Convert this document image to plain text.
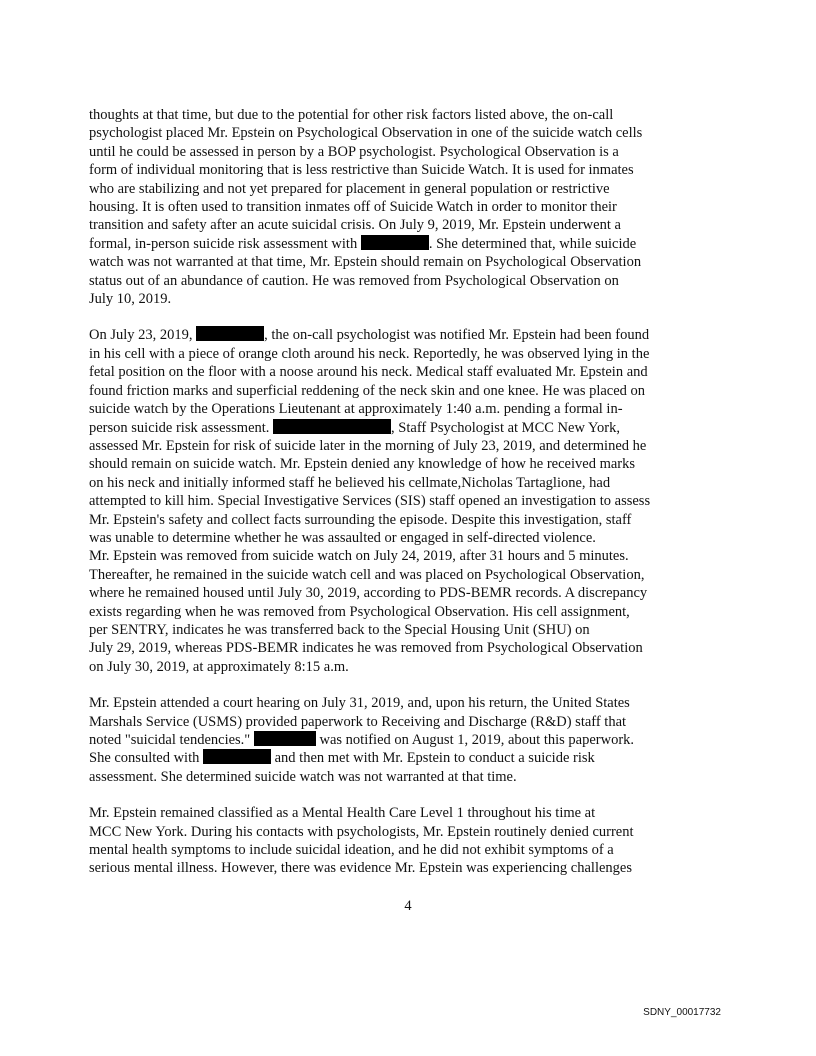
thoughts at that time, but due to the potential for other risk factors listed above, the on-call
psychologist placed Mr. Epstein on Psychological Observation in one of the suicide watch cells
until he could be assessed in person by a BOP psychologist. Psychological Observation is a
form of individual monitoring that is less restrictive than Suicide Watch. It is used for inmates
who are stabilizing and not yet prepared for placement in general population or restrictive
housing. It is often used to transition inmates off of Suicide Watch in order to monitor their
transition and safety after an acute suicidal crisis. On July 9, 2019, Mr. Epstein underwent a
formal, in-person suicide risk assessment with	. She determined that, while suicide
watch was not warranted at that time, Mr. Epstein should remain on Psychological Observation
status out of an abundance of caution. He was removed from Psychological Observation on
July 10, 2019.

On July 23, 2019,	, the on-call psychologist was notified Mr. Epstein had been found
in his cell with a piece of orange cloth around his neck. Reportedly, he was observed lying in the
fetal position on the floor with a noose around his neck. Medical staff evaluated Mr. Epstein and
found friction marks and superficial reddening of the neck skin and one knee. He was placed on
suicide watch by the Operations Lieutenant at approximately 1:40 a.m. pending a formal in-
person suicide risk assessment.	, Staff Psychologist at MCC New York,
assessed Mr. Epstein for risk of suicide later in the morning of July 23, 2019, and determined he
should remain on suicide watch. Mr. Epstein denied any knowledge of how he received marks
on his neck and initially informed staff he believed his cellmate,Nicholas Tartaglione, had
attempted to kill him. Special Investigative Services (SIS) staff opened an investigation to assess
Mr. Epstein's safety and collect facts surrounding the episode. Despite this investigation, staff
was unable to determine whether he was assaulted or engaged in self-directed violence.
Mr. Epstein was removed from suicide watch on July 24, 2019, after 31 hours and 5 minutes.
Thereafter, he remained in the suicide watch cell and was placed on Psychological Observation,
where he remained housed until July 30, 2019, according to PDS-BEMR records. A discrepancy
exists regarding when he was removed from Psychological Observation. His cell assignment,
per SENTRY, indicates he was transferred back to the Special Housing Unit (SHU) on
July 29, 2019, whereas PDS-BEMR indicates he was removed from Psychological Observation
on July 30, 2019, at approximately 8:15 a.m.

Mr. Epstein attended a court hearing on July 31, 2019, and, upon his return, the United States
Marshals Service (USMS) provided paperwork to Receiving and Discharge (R&D) staff that
noted "suicidal tendencies."	was notified on August 1, 2019, about this paperwork.
She consulted with	and then met with Mr. Epstein to conduct a suicide risk
assessment. She determined suicide watch was not warranted at that time.

Mr. Epstein remained classified as a Mental Health Care Level 1 throughout his time at
MCC New York. During his contacts with psychologists, Mr. Epstein routinely denied current
mental health symptoms to include suicidal ideation, and he did not exhibit symptoms of a
serious mental illness. However, there was evidence Mr. Epstein was experiencing challenges

4
SDNY_00017732
